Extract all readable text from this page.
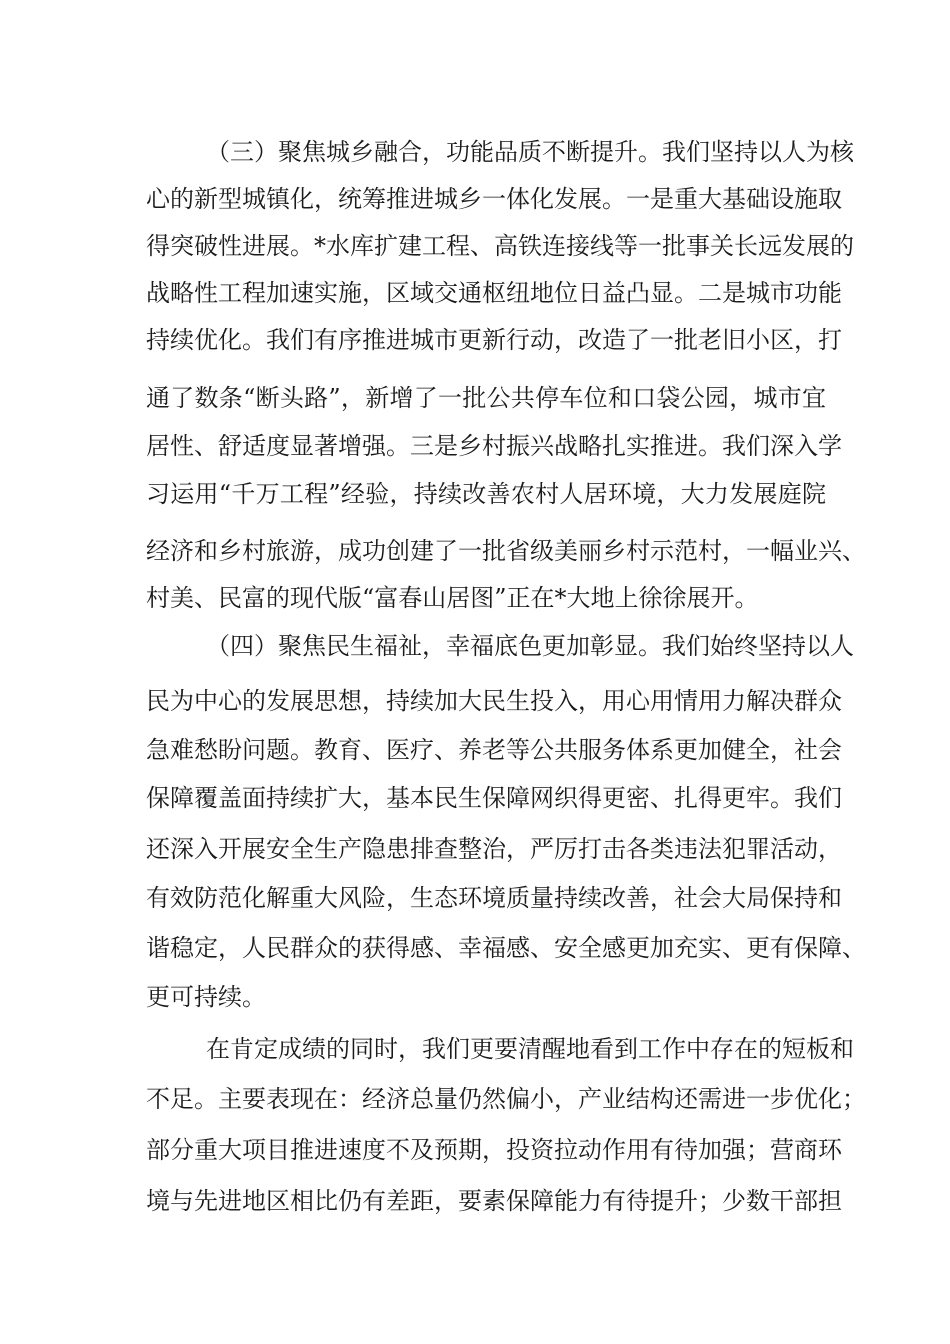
（三）聚焦城乡融合，功能品质不断提升。我们坚持以人为核
心的新型城镇化，统筹推进城乡一体化发展。一是重大基础设施取
得突破性进展。*水库扩建工程、高铁连接线等一批事关长远发展的
战略性工程加速实施，区域交通枢纽地位日益凸显。二是城市功能
持续优化。我们有序推进城市更新行动，改造了一批老旧小区，打
通了数条“断头路”，新增了一批公共停车位和口袋公园，城市宜
居性、舒适度显著增强。三是乡村振兴战略扎实推进。我们深入学
习运用“千万工程”经验，持续改善农村人居环境，大力发展庭院
经济和乡村旅游，成功创建了一批省级美丽乡村示范村，一幅业兴、
村美、民富的现代版“富春山居图”正在*大地上徐徐展开。
（四）聚焦民生福祉，幸福底色更加彰显。我们始终坚持以人
民为中心的发展思想，持续加大民生投入，用心用情用力解决群众
急难愁盼问题。教育、医疗、养老等公共服务体系更加健全，社会
保障覆盖面持续扩大，基本民生保障网织得更密、扎得更牢。我们
还深入开展安全生产隐患排查整治，严厉打击各类违法犯罪活动，
有效防范化解重大风险，生态环境质量持续改善，社会大局保持和
谐稳定，人民群众的获得感、幸福感、安全感更加充实、更有保障、
更可持续。
在肯定成绩的同时，我们更要清醒地看到工作中存在的短板和
不足。主要表现在：经济总量仍然偏小，产业结构还需进一步优化；
部分重大项目推进速度不及预期，投资拉动作用有待加强；营商环
境与先进地区相比仍有差距，要素保障能力有待提升；少数干部担
